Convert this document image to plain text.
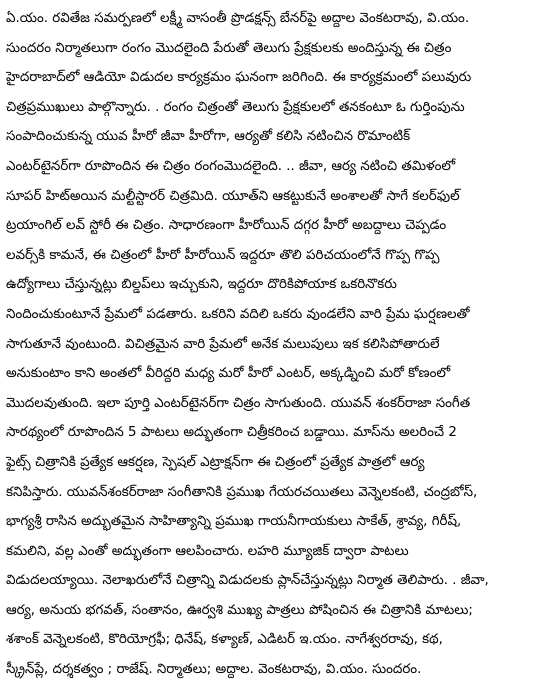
ఏ.యం. రవితేజ సమర్పణలో లక్ష్మీ వాసంతీ ప్రొడక్షన్స్ బేనర్‌పై అద్దాల వెంకటరావు, వి.యం.
సుందరం నిర్మాతలుగా రంగం మొదలైంది పేరుతో తెలుగు ప్రేక్షకులకు అందిస్తున్న ఈ చిత్రం
హైదరాబాద్‌లో ఆడియో విడుదల కార్యక్రమం ఘనంగా జరిగింది. ఈ కార్యక్రమంలో పలువురు
చిత్రప్రముఖులు పాల్గొన్నారు. . రంగం చిత్రంతో తెలుగు ప్రేక్షకులలో తనకంటూ ఓ గుర్తింపును
సంపాదించుకున్న యువ హీరో జీవా హీరోగా, ఆర్యతో కలిసి నటించిన రొమాంటిక్
ఎంటర్‌టైనర్‌గా రూపొందిన ఈ చిత్రం రంగంమొదలైంది. .. జీవా, ఆర్య నటించి తమిళంలో
సూపర్ హిట్‌అయిన మల్టీస్టారర్ చిత్రమిది. యూత్‌ని ఆకట్టుకునే అంశాలతో సాగే కలర్‌ఫుల్
ట్రయాంగిల్ లవ్ స్టోరీ ఈ చిత్రం. సాధారణంగా హీరోయిన్ దగ్గర హీరో అబద్దాలు చెప్పడం
లవర్స్‌కి కామనే, ఈ చిత్రంలో హీరో హీరోయిన్ ఇద్దరూ తొలి పరిచయంలోనే గొప్ప గొప్ప
ఉద్యోగాలు చేస్తున్నట్లు బిల్డప్‌లు ఇచ్చుకుని, ఇద్దరూ దొరికిపోయాక ఒకరినొకరు
నిందించుకుంటూనే ప్రేమలో పడతారు. ఒకరిని వదిలి ఒకరు వుండలేని వారి ప్రేమ ఘర్షణలతో
సాగుతూనే వుంటుంది. విచిత్రమైన వారి ప్రేమలో అనేక మలుపులు ఇక కలిసిపోతారులే
అనుకుంటాం కాని అంతలో వీరిద్దరి మధ్య మరో హీరో ఎంటర్, అక్కడ్నించి మరో కోణంలో
మొదలవుతుంది. ఇలా పూర్తి ఎంటర్‌టైనర్‌గా చిత్రం సాగుతుంది. యువన్ శంకర్‌రాజా సంగీత
సారథ్యంలో రూపొందిన 5 పాటలు అద్భుతంగా చిత్రీకరించ బడ్డాయి. మాస్‌ను అలరించే 2
ఫైట్స్ చిత్రానికి ప్రత్యేక ఆకర్షణ, స్పెషల్ ఎట్రాక్షన్‌గా ఈ చిత్రంలో ప్రత్యేక పాత్రలో ఆర్య
కనిపిస్తారు. యువన్‌శంకర్‌రాజా సంగీతానికి ప్రముఖ గేయరచయితలు వెన్నెలకంటి, చంద్రబోస్,
భాగ్యశ్రీ రాసిన అద్భుతమైన సాహిత్యాన్ని ప్రముఖ గాయనీగాయకులు సాకేత్, శ్రావ్య, గిరీష్,
కమలిని, వల్ల ఎంతో అద్భుతంగా ఆలపించారు. లహరి మ్యూజిక్ ద్వారా పాటలు
విడుదలయ్యాయి. నెలాఖరులోనే చిత్రాన్ని విడుదలకు ప్లాన్‌చేస్తున్నట్లు నిర్మాత తెలిపారు. . జీవా,
ఆర్య, అనుయ భగవత్, సంతానం, ఊర్వశి ముఖ్య పాత్రలు పోషించిన ఈ చిత్రానికి మాటలు;
శశాంక్ వెన్నెలకంటి, కొరియోగ్రఫీ; ధినేష్, కళ్యాణ్, ఎడిటర్ ఇ.యం. నాగేశ్వరరావు, కథ,
స్క్రీన్‌ప్లే, దర్శకత్వం ; రాజేష్. నిర్మాతలు; అద్దాల. వెంకటరావు, వి.యం. సుందరం.
